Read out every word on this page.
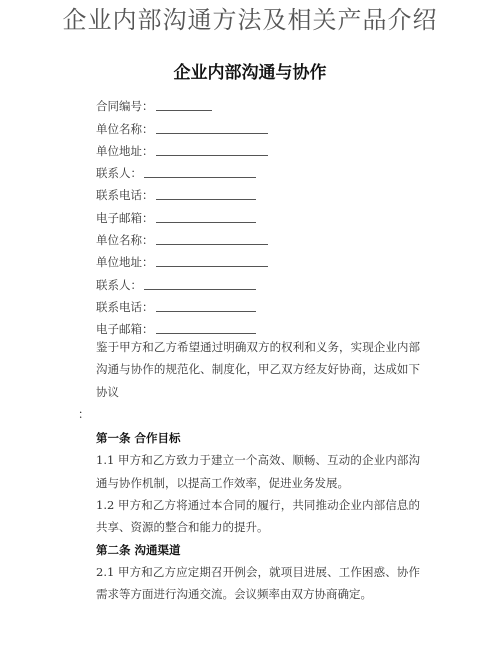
企业内部沟通方法及相关产品介绍
企业内部沟通与协作
合同编号：
单位名称：
单位地址：
联系人：
联系电话：
电子邮箱：
单位名称：
单位地址：
联系人：
联系电话：
电子邮箱：

鉴于甲方和乙方希望通过明确双方的权利和义务，实现企业内部沟通与协作的规范化、制度化，甲乙双方经友好协商，达成如下协议

：

第一条 合作目标

1.1 甲方和乙方致力于建立一个高效、顺畅、互动的企业内部沟通与协作机制，以提高工作效率，促进业务发展。

1.2 甲方和乙方将通过本合同的履行，共同推动企业内部信息的共享、资源的整合和能力的提升。

第二条 沟通渠道

2.1 甲方和乙方应定期召开例会，就项目进展、工作困惑、协作需求等方面进行沟通交流。会议频率由双方协商确定。
